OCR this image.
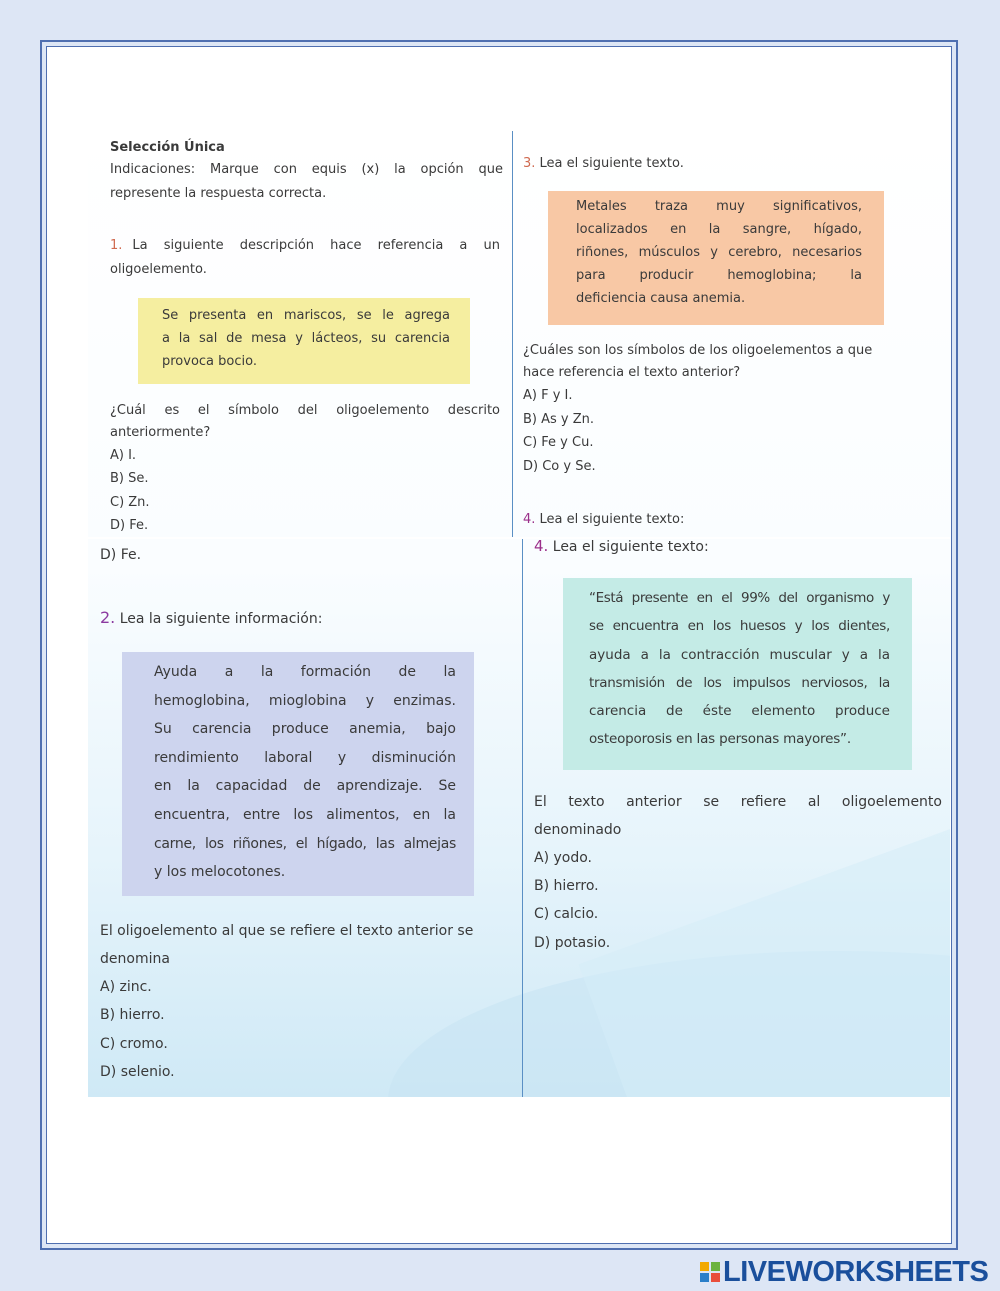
Selección Única

Indicaciones: Marque con equis (x) la opción que

represente la respuesta correcta.

1. La siguiente descripción hace referencia a un

oligoelemento.

Se presenta en mariscos, se le agrega

a la sal de mesa y lácteos, su carencia

provoca bocio.

¿Cuál es el símbolo del oligoelemento descrito

anteriormente?

A) I.

B) Se.

C) Zn.

D) Fe.

3. Lea el siguiente texto.

Metales traza muy significativos,

localizados en la sangre, hígado,

riñones, músculos y cerebro, necesarios

para producir hemoglobina; la

deficiencia causa anemia.

¿Cuáles son los símbolos de los oligoelementos a que

hace referencia el texto anterior?

A) F y I.

B) As y Zn.

C) Fe y Cu.

D) Co y Se.

4. Lea el siguiente texto:

D) Fe.

2. Lea la siguiente información:

Ayuda a la formación de la

hemoglobina, mioglobina y enzimas.

Su carencia produce anemia, bajo

rendimiento laboral y disminución

en la capacidad de aprendizaje. Se

encuentra, entre los alimentos, en la

carne, los riñones, el hígado, las almejas

y los melocotones.

El oligoelemento al que se refiere el texto anterior se

denomina

A) zinc.

B) hierro.

C) cromo.

D) selenio.

4. Lea el siguiente texto:

“Está presente en el 99% del organismo y

se encuentra en los huesos y los dientes,

ayuda a la contracción muscular y a la

transmisión de los impulsos nerviosos, la

carencia de éste elemento produce

osteoporosis en las personas mayores”.

El texto anterior se refiere al oligoelemento

denominado

A) yodo.

B) hierro.

C) calcio.

D) potasio.

LIVEWORKSHEETS
